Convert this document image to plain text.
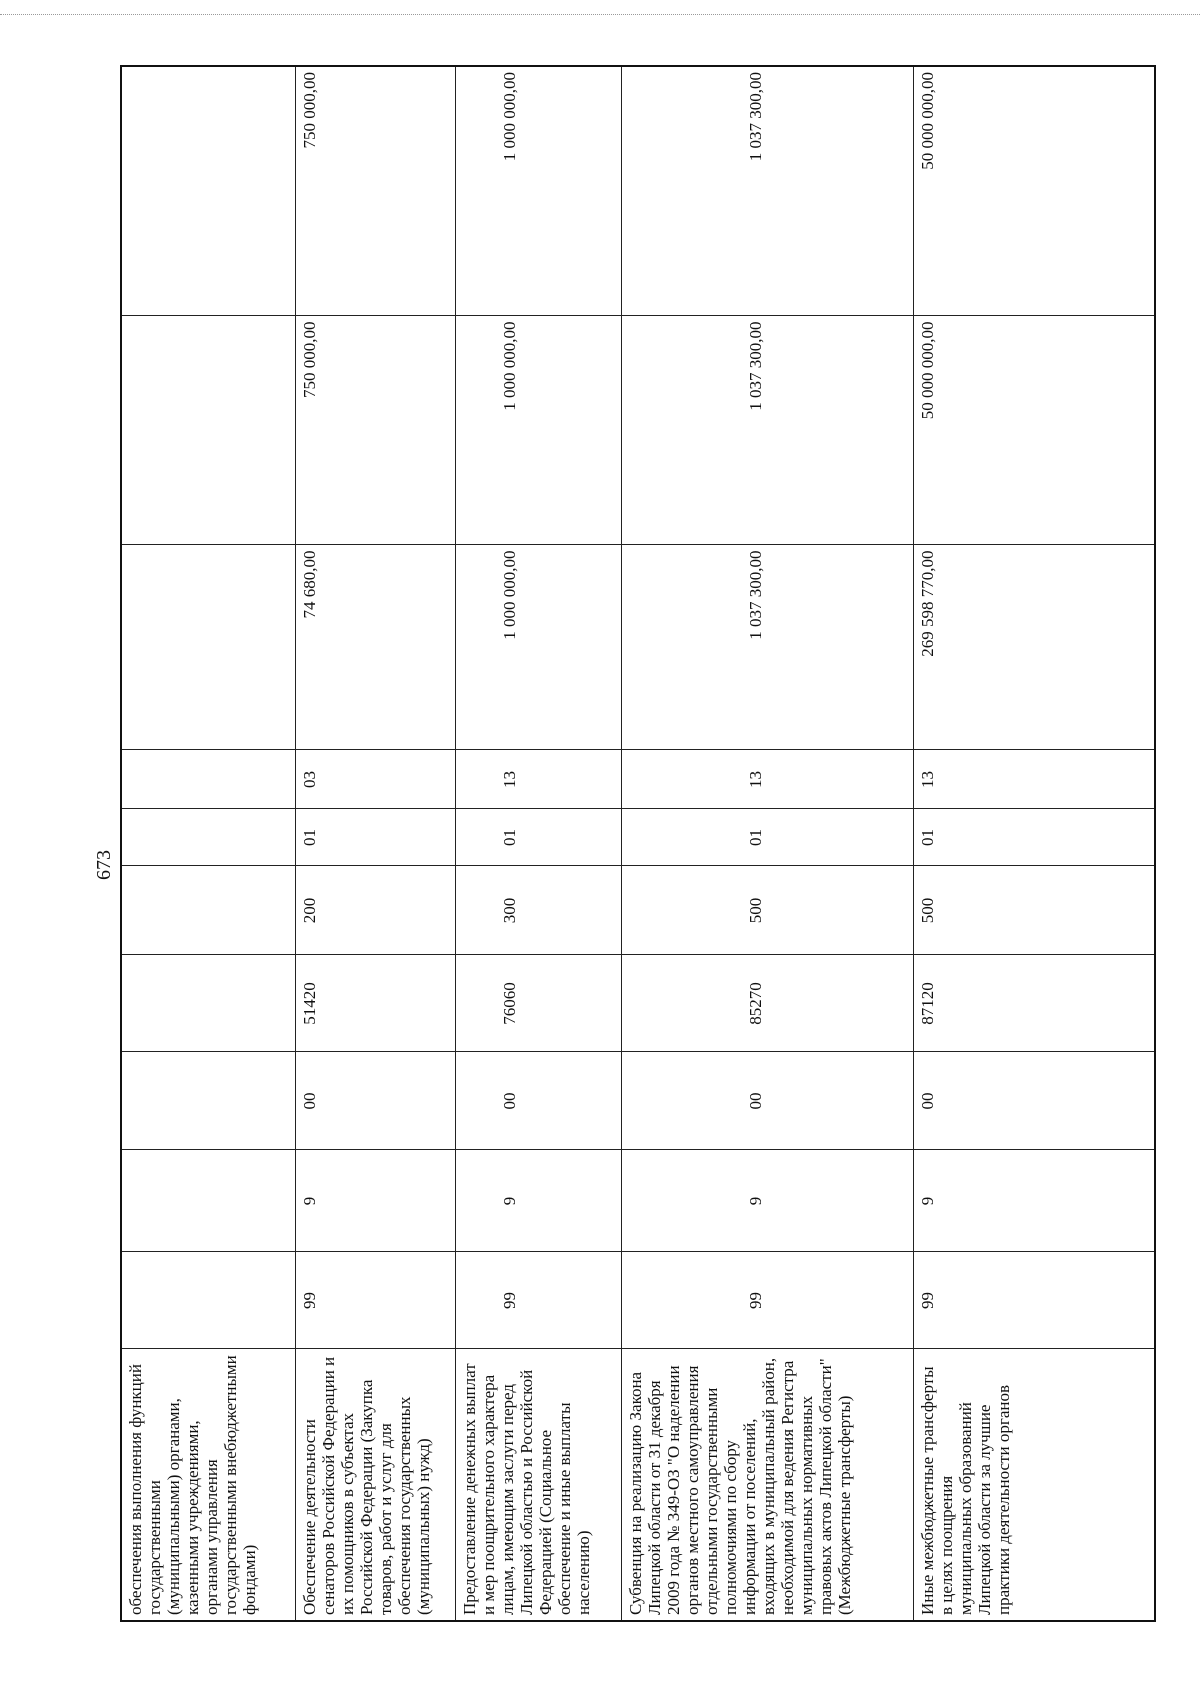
673
обеспечения выполнения функций государственными (муниципальными) органами, казенными учреждениями, органами управления государственными внебюджетными фондами)										
Обеспечение деятельности сенаторов Российской Федерации и их помощников в субъектах Российской Федерации (Закупка товаров, работ и услуг для обеспечения государственных (муниципальных) нужд)	99	9	00	51420	200	01	03	74 680,00	750 000,00	750 000,00
Предоставление денежных выплат и мер поощрительного характера лицам, имеющим заслуги перед Липецкой областью и Российской Федерацией (Социальное обеспечение и иные выплаты населению)	99	9	00	76060	300	01	13	1 000 000,00	1 000 000,00	1 000 000,00
Субвенция на реализацию Закона Липецкой области от 31 декабря 2009 года № 349-ОЗ "О наделении органов местного самоуправления отдельными государственными полномочиями по сбору информации от поселений, входящих в муниципальный район, необходимой для ведения Регистра муниципальных нормативных правовых актов Липецкой области" (Межбюджетные трансферты)	99	9	00	85270	500	01	13	1 037 300,00	1 037 300,00	1 037 300,00
Иные межбюджетные трансферты в целях поощрения муниципальных образований Липецкой области за лучшие практики деятельности органов	99	9	00	87120	500	01	13	269 598 770,00	50 000 000,00	50 000 000,00
